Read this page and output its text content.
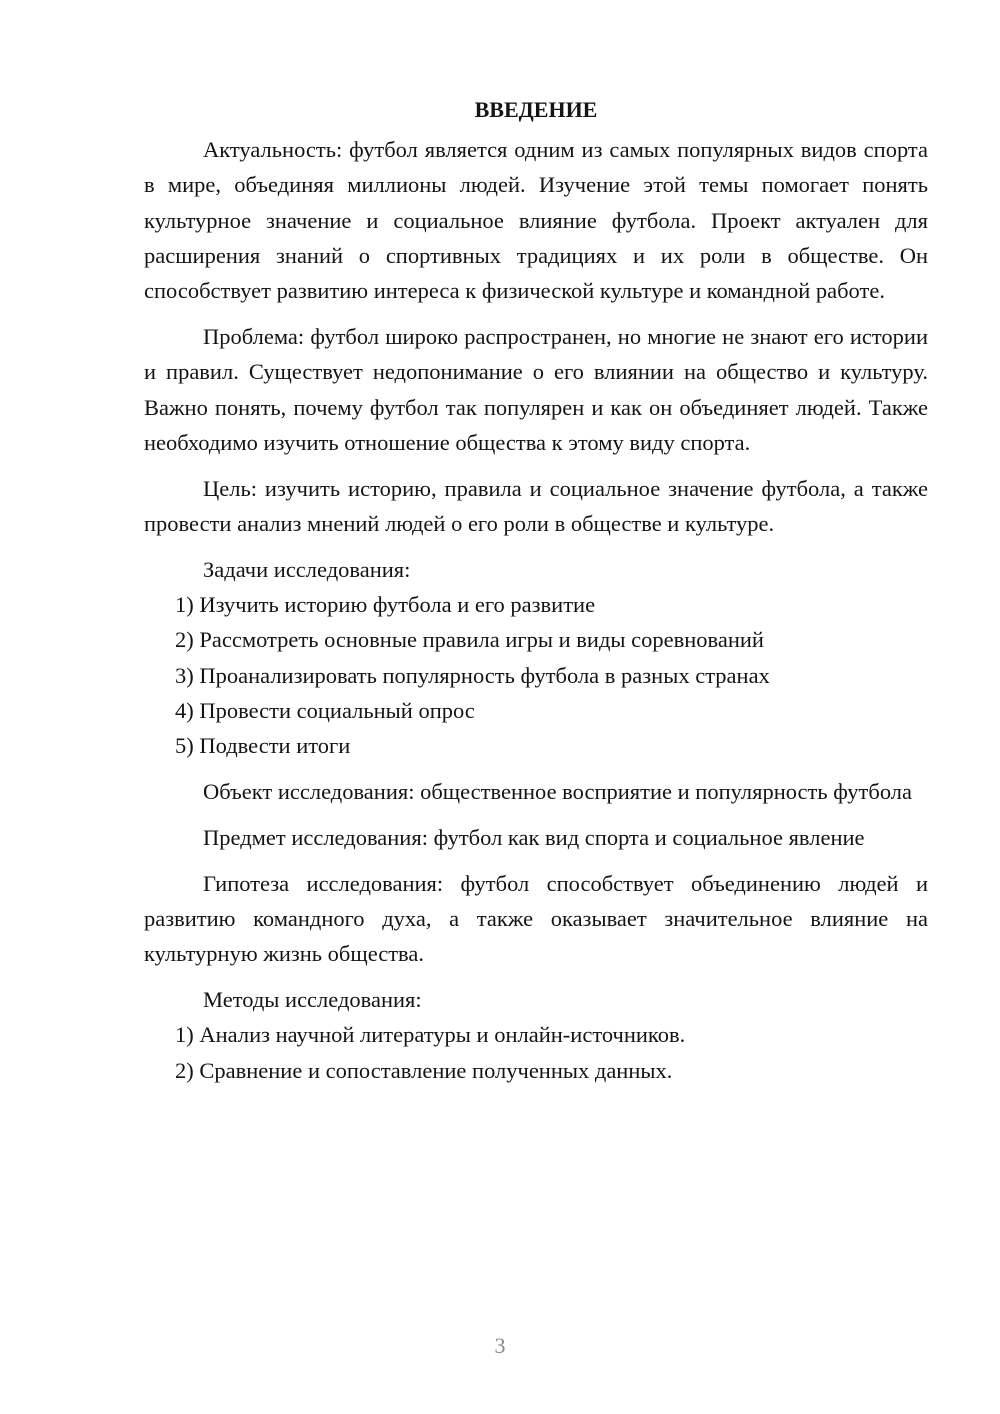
ВВЕДЕНИЕ

Актуальность: футбол является одним из самых популярных видов спорта в мире, объединяя миллионы людей. Изучение этой темы помогает понять культурное значение и социальное влияние футбола. Проект актуален для расширения знаний о спортивных традициях и их роли в обществе. Он способствует развитию интереса к физической культуре и командной работе.

Проблема: футбол широко распространен, но многие не знают его истории и правил. Существует недопонимание о его влиянии на общество и культуру. Важно понять, почему футбол так популярен и как он объединяет людей. Также необходимо изучить отношение общества к этому виду спорта.

Цель: изучить историю, правила и социальное значение футбола, а также провести анализ мнений людей о его роли в обществе и культуре.

Задачи исследования:

1) Изучить историю футбола и его развитие

2) Рассмотреть основные правила игры и виды соревнований

3) Проанализировать популярность футбола в разных странах

4) Провести социальный опрос

5) Подвести итоги

Объект исследования: общественное восприятие и популярность футбола

Предмет исследования: футбол как вид спорта и социальное явление

Гипотеза исследования: футбол способствует объединению людей и развитию командного духа, а также оказывает значительное влияние на культурную жизнь общества.

Методы исследования:

1) Анализ научной литературы и онлайн-источников.

2) Сравнение и сопоставление полученных данных.

3
